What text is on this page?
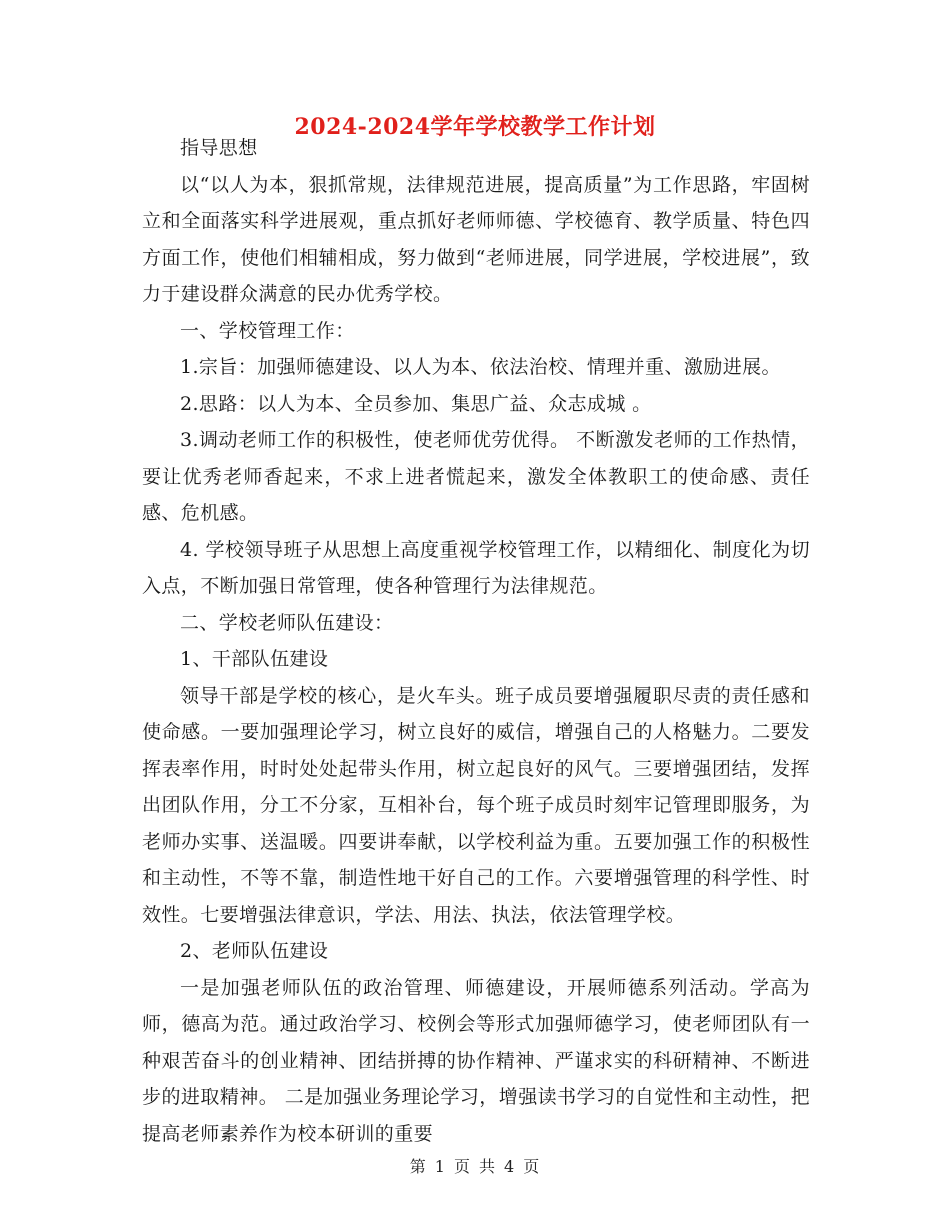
2024-2024学年学校教学工作计划

指导思想

以“以人为本，狠抓常规，法律规范进展，提高质量”为工作思路，牢固树立和全面落实科学进展观，重点抓好老师师德、学校德育、教学质量、特色四方面工作，使他们相辅相成，努力做到“老师进展，同学进展，学校进展”，致力于建设群众满意的民办优秀学校。

一、学校管理工作：

1.宗旨：加强师德建设、以人为本、依法治校、情理并重、激励进展。

2.思路：以人为本、全员参加、集思广益、众志成城 。

3.调动老师工作的积极性，使老师优劳优得。 不断激发老师的工作热情，要让优秀老师香起来，不求上进者慌起来，激发全体教职工的使命感、责任感、危机感。

4. 学校领导班子从思想上高度重视学校管理工作，以精细化、制度化为切入点，不断加强日常管理，使各种管理行为法律规范。

二、学校老师队伍建设：

1、干部队伍建设

领导干部是学校的核心，是火车头。班子成员要增强履职尽责的责任感和使命感。一要加强理论学习，树立良好的威信，增强自己的人格魅力。二要发挥表率作用，时时处处起带头作用，树立起良好的风气。三要增强团结，发挥出团队作用，分工不分家，互相补台，每个班子成员时刻牢记管理即服务，为老师办实事、送温暖。四要讲奉献，以学校利益为重。五要加强工作的积极性和主动性，不等不靠，制造性地干好自己的工作。六要增强管理的科学性、时效性。七要增强法律意识，学法、用法、执法，依法管理学校。

2、老师队伍建设

一是加强老师队伍的政治管理、师德建设，开展师德系列活动。学高为师，德高为范。通过政治学习、校例会等形式加强师德学习，使老师团队有一种艰苦奋斗的创业精神、团结拼搏的协作精神、严谨求实的科研精神、不断进步的进取精神。 二是加强业务理论学习，增强读书学习的自觉性和主动性，把提高老师素养作为校本研训的重要

第 1 页 共 4 页
